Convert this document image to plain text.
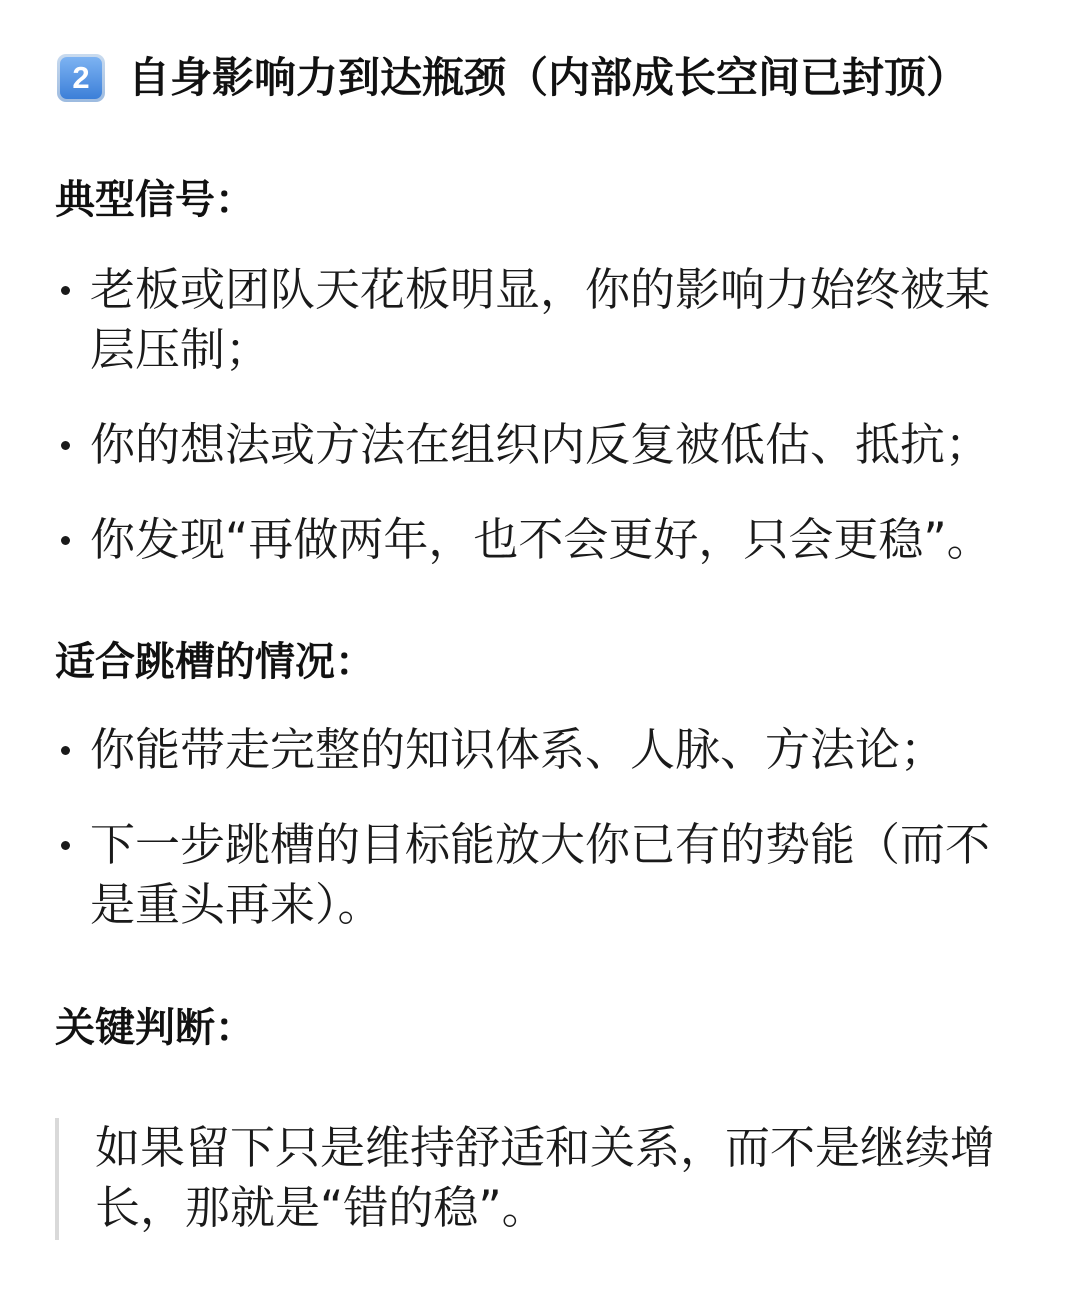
2 自身影响力到达瓶颈（内部成长空间已封顶）
典型信号：
老板或团队天花板明显，你的影响力始终被某层压制；
你的想法或方法在组织内反复被低估、抵抗；
你发现“再做两年，也不会更好，只会更稳”。
适合跳槽的情况：
你能带走完整的知识体系、人脉、方法论；
下一步跳槽的目标能放大你已有的势能（而不是重头再来）。
关键判断：
如果留下只是维持舒适和关系，而不是继续增长，那就是“错的稳”。
